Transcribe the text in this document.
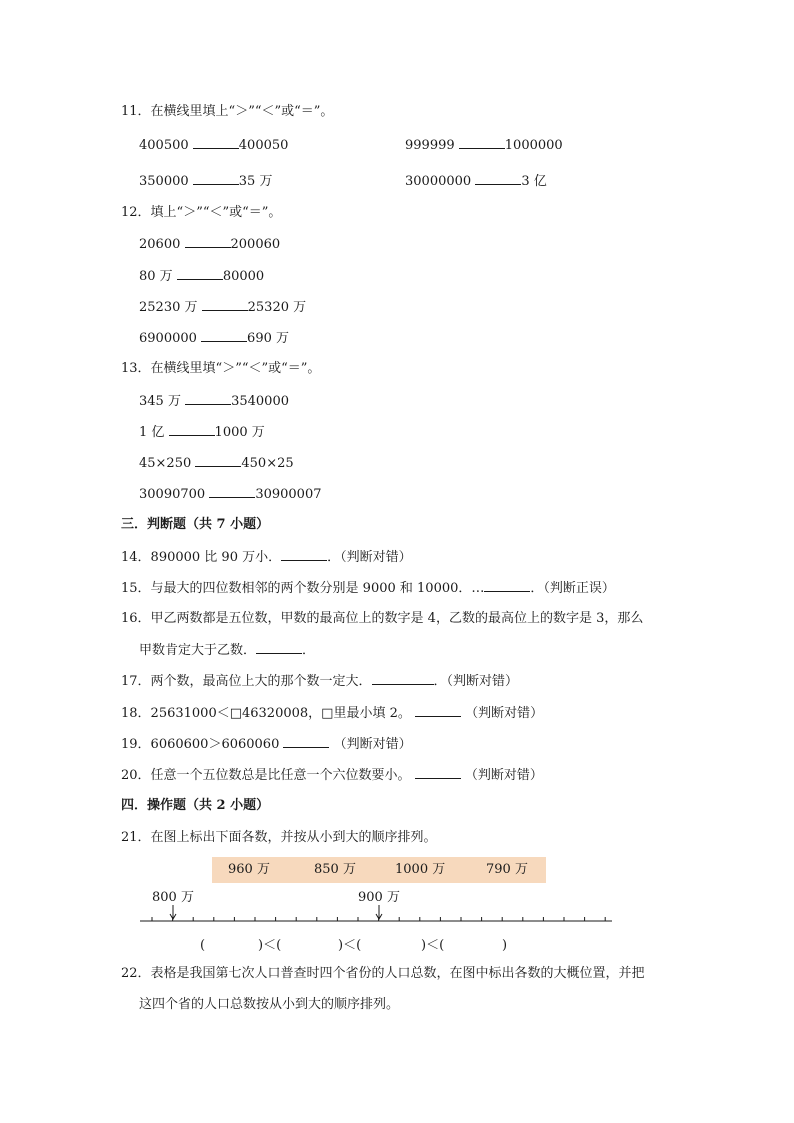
11．在横线里填上“＞”“＜”或“＝”。
400500	400050	999999	1000000
350000	35 万	30000000	3 亿
12．填上“＞”“＜”或“＝”。
20600	200060
80 万	80000
25230 万	25320 万
6900000	690 万
13．在横线里填“＞”“＜”或“＝”。
345 万	3540000
1 亿	1000 万
45×250	450×25
30090700	30900007
三．判断题（共 7 小题）
14．890000 比 90 万小．	．（判断对错）
15．与最大的四位数相邻的两个数分别是 9000 和 10000．…	．（判断正误）
16．甲乙两数都是五位数，甲数的最高位上的数字是 4，乙数的最高位上的数字是 3，那么
甲数肯定大于乙数．	．
17．两个数，最高位上大的那个数一定大．	．（判断对错）
18．25631000＜□46320008，□里最小填 2。	（判断对错）
19．6060600＞6060060	（判断对错）
20．任意一个五位数总是比任意一个六位数要小。	（判断对错）
四．操作题（共 2 小题）
21．在图上标出下面各数，并按从小到大的顺序排列。
960 万	850 万	1000 万	790 万
800 万	900 万
(
  	)＜(	)＜(	)＜(	)
22．表格是我国第七次人口普查时四个省份的人口总数，在图中标出各数的大概位置，并把
这四个省的人口总数按从小到大的顺序排列。
